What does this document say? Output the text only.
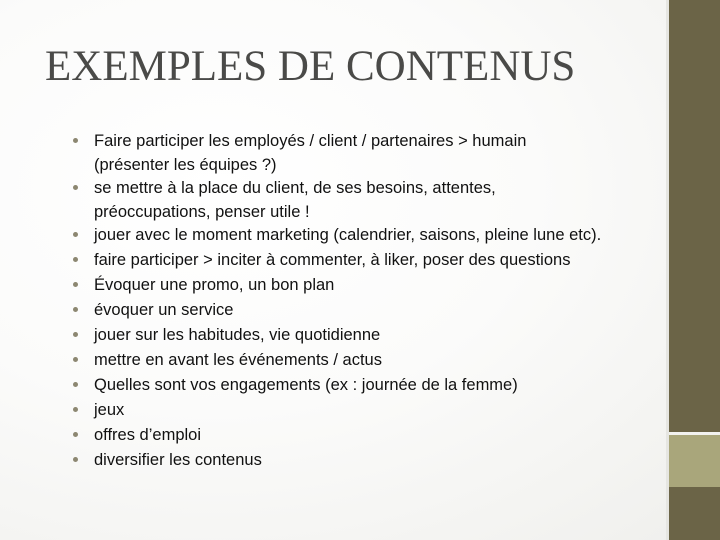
EXEMPLES DE CONTENUS
Faire participer les employés / client / partenaires > humain
(présenter les équipes ?)
se mettre à la place du client, de ses besoins, attentes,
préoccupations, penser utile !
jouer avec le moment marketing (calendrier, saisons, pleine lune etc).
faire participer > inciter à commenter, à liker, poser des questions
Évoquer une promo, un bon plan
évoquer un service
jouer sur les habitudes, vie quotidienne
mettre en avant les événements / actus
Quelles sont vos engagements (ex : journée de la femme)
jeux
offres d’emploi
diversifier les contenus
